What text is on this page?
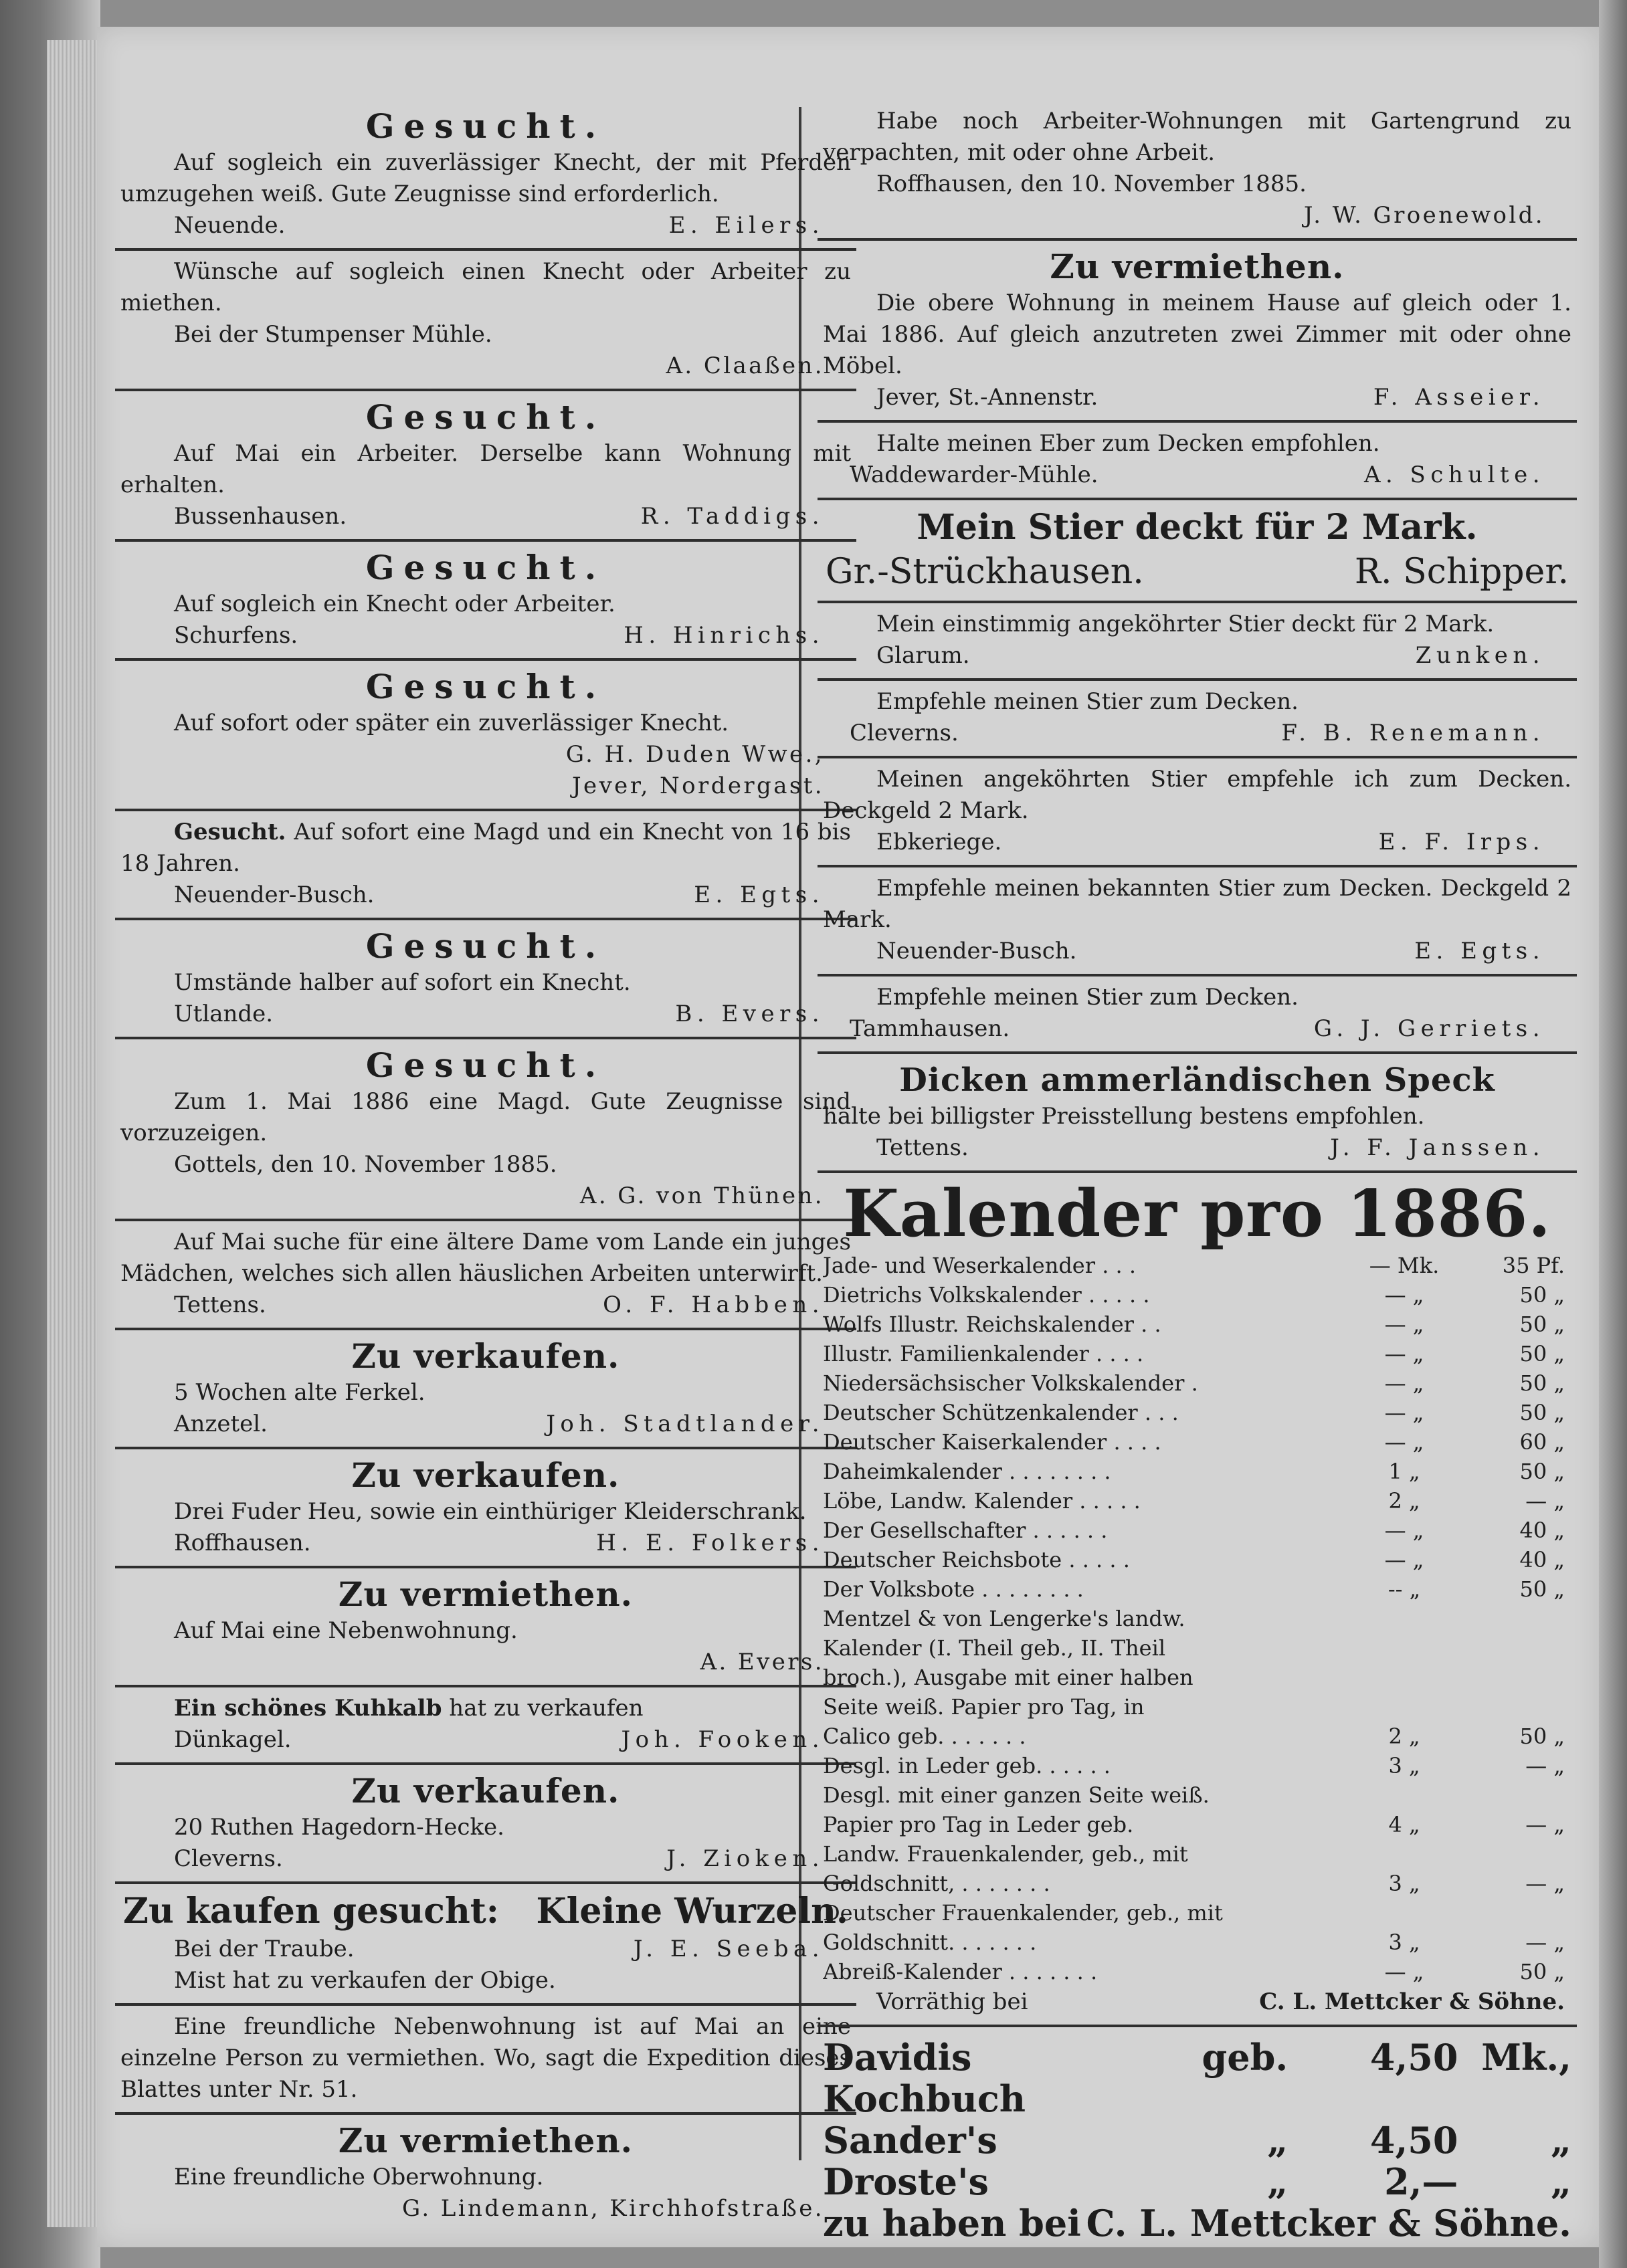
Gesucht.
Auf sogleich ein zuverlässiger Knecht, der mit Pferden umzugehen weiß. Gute Zeugnisse sind erforderlich.
Neuende.	E. Eilers.
Wünsche auf sogleich einen Knecht oder Arbeiter zu miethen.
Bei der Stumpenser Mühle.
A. Claaßen.
Gesucht.
Auf Mai ein Arbeiter. Derselbe kann Wohnung mit erhalten.
Bussenhausen.	R. Taddigs.
Gesucht.
Auf sogleich ein Knecht oder Arbeiter.
Schurfens.	H. Hinrichs.
Gesucht.
Auf sofort oder später ein zuverlässiger Knecht.
G. H. Duden Wwe.,
Jever, Nordergast.
Gesucht. Auf sofort eine Magd und ein Knecht von 16 bis 18 Jahren.
Neuender-Busch.	E. Egts.
Gesucht.
Umstände halber auf sofort ein Knecht.
Utlande.	B. Evers.
Gesucht.
Zum 1. Mai 1886 eine Magd. Gute Zeugnisse sind vorzuzeigen.
Gottels, den 10. November 1885.
A. G. von Thünen.
Auf Mai suche für eine ältere Dame vom Lande ein junges Mädchen, welches sich allen häuslichen Arbeiten unterwirft.
Tettens.	O. F. Habben.
Zu verkaufen.
5 Wochen alte Ferkel.
Anzetel.	Joh. Stadtlander.
Zu verkaufen.
Drei Fuder Heu, sowie ein einthüriger Kleiderschrank.
Roffhausen.	H. E. Folkers.
Zu vermiethen.
Auf Mai eine Nebenwohnung.
A. Evers.
Ein schönes Kuhkalb hat zu verkaufen
Dünkagel.	Joh. Fooken.
Zu verkaufen.
20 Ruthen Hagedorn-Hecke.
Cleverns.	J. Zioken.
Zu kaufen gesucht: Kleine Wurzeln.
Bei der Traube.	J. E. Seeba.
Mist hat zu verkaufen der Obige.
Eine freundliche Nebenwohnung ist auf Mai an eine einzelne Person zu vermiethen. Wo, sagt die Expedition dieses Blattes unter Nr. 51.
Zu vermiethen.
Eine freundliche Oberwohnung.
G. Lindemann, Kirchhofstraße.
Habe noch Arbeiter-Wohnungen mit Gartengrund zu verpachten, mit oder ohne Arbeit.
Roffhausen, den 10. November 1885.
J. W. Groenewold.
Zu vermiethen.
Die obere Wohnung in meinem Hause auf gleich oder 1. Mai 1886. Auf gleich anzutreten zwei Zimmer mit oder ohne Möbel.
Jever, St.-Annenstr.	F. Asseier.
Halte meinen Eber zum Decken empfohlen.
Waddewarder-Mühle.	A. Schulte.
Mein Stier deckt für 2 Mark.
Gr.-Strückhausen.	R. Schipper.
Mein einstimmig angeköhrter Stier deckt für 2 Mark.
Glarum.	Zunken.
Empfehle meinen Stier zum Decken.
Cleverns.	F. B. Renemann.
Meinen angeköhrten Stier empfehle ich zum Decken. Deckgeld 2 Mark.
Ebkeriege.	E. F. Irps.
Empfehle meinen bekannten Stier zum Decken. Deckgeld 2 Mark.
Neuender-Busch.	E. Egts.
Empfehle meinen Stier zum Decken.
Tammhausen.	G. J. Gerriets.
Dicken ammerländischen Speck
halte bei billigster Preisstellung bestens empfohlen.
Tettens.	J. F. Janssen.
Kalender pro 1886.
Jade- und Weserkalender . . .	— Mk.	35 Pf.
Dietrichs Volkskalender . . . . .	— „	50 „
Wolfs Illustr. Reichskalender . .	— „	50 „
Illustr. Familienkalender . . . .	— „	50 „
Niedersächsischer Volkskalender .	— „	50 „
Deutscher Schützenkalender . . .	— „	50 „
Deutscher Kaiserkalender . . . .	— „	60 „
Daheimkalender . . . . . . . .	1 „	50 „
Löbe, Landw. Kalender . . . . .	2 „	— „
Der Gesellschafter . . . . . .	— „	40 „
Deutscher Reichsbote . . . . .	— „	40 „
Der Volksbote . . . . . . . .	-- „	50 „
Mentzel & von Lengerke's landw.
Kalender (I. Theil geb., II. Theil
broch.), Ausgabe mit einer halben
Seite weiß. Papier pro Tag, in
Calico geb. . . . . . .	2 „	50 „
Desgl. in Leder geb. . . . . .	3 „	— „
Desgl. mit einer ganzen Seite weiß.
Papier pro Tag in Leder geb.	4 „	— „
Landw. Frauenkalender, geb., mit
Goldschnitt, . . . . . . .	3 „	— „
Deutscher Frauenkalender, geb., mit
Goldschnitt. . . . . . .	3 „	— „
Abreiß-Kalender . . . . . . .	— „	50 „
Vorräthig bei	C. L. Mettcker & Söhne.
Davidis Kochbuch
geb.	4,50 Mk.,
Sander's	„	4,50	„
Droste's	„	2,—	„
zu haben bei C. L. Mettcker & Söhne.
